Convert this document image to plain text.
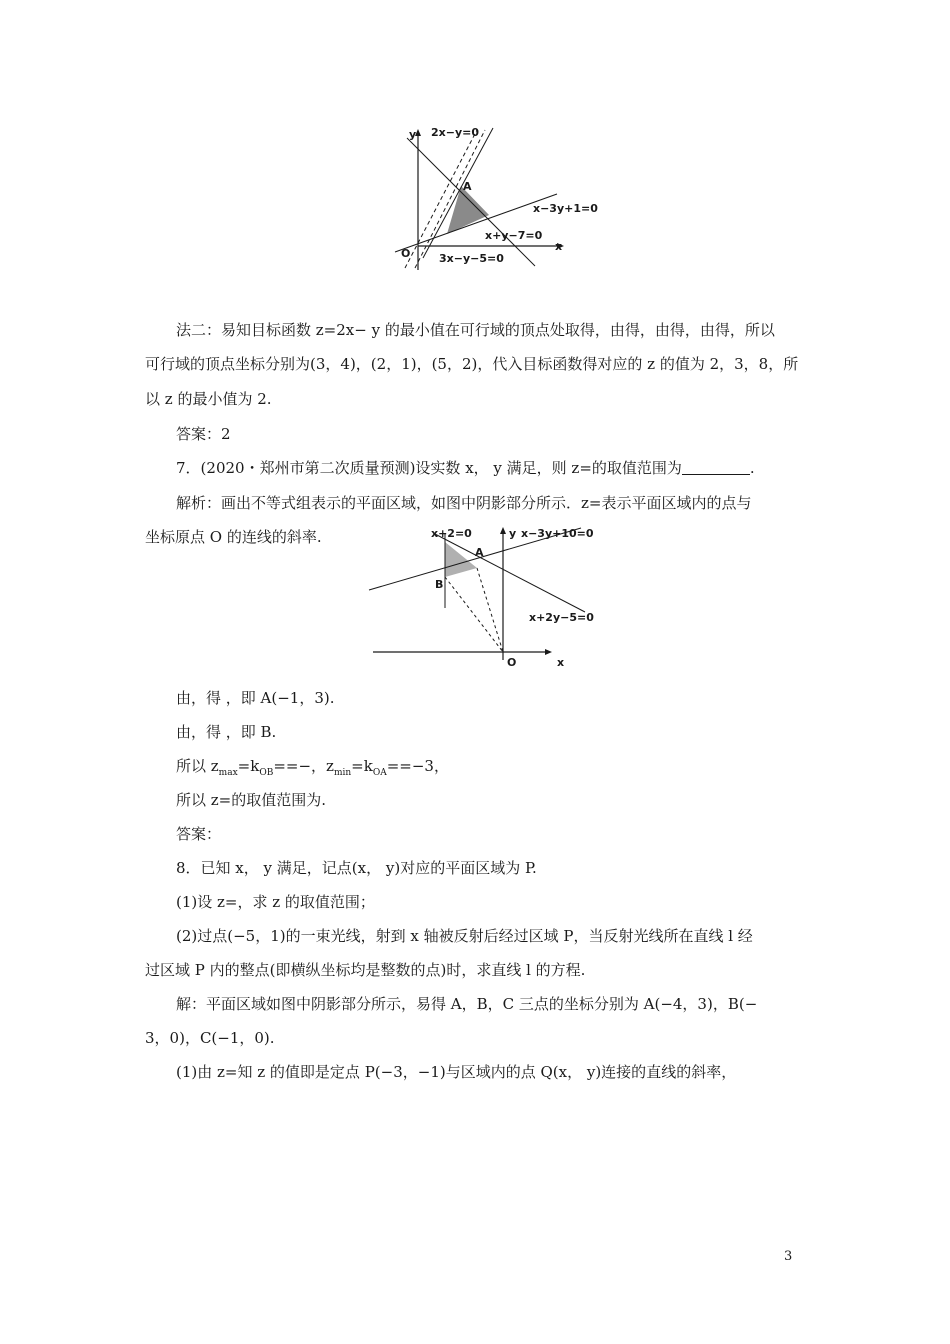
y 2x−y=0
A
x−3y+1=0
x+y−7=0
x
O	3x−y−5=0

法二：易知目标函数 z=2x− y 的最小值在可行域的顶点处取得，由得，由得，由得，所以

可行域的顶点坐标分别为(3，4)，(2，1)，(5，2)，代入目标函数得对应的 z 的值为 2，3，8，所

以 z 的最小值为 2.

答案：2

7．(2020・郑州市第二次质量预测)设实数 x， y 满足，则 z=的取值范围为	.

解析：画出不等式组表示的平面区域，如图中阴影部分所示．z=表示平面区域内的点与

坐标原点 O 的连线的斜率.	x+2=0	y x−3y+10=0
A
B
x+2y−5=0
O	x

由，得 ，即 A(−1，3).

由，得 ，即 B.

所以 $z_{max}=k_{OB}==-$，$z_{min}=k_{OA}==-3$，

所以 z=的取值范围为.

答案：

8．已知 x， y 满足，记点(x， y)对应的平面区域为 P.

(1)设 z=，求 z 的取值范围；

(2)过点(−5，1)的一束光线，射到 x 轴被反射后经过区域 P，当反射光线所在直线 l 经

过区域 P 内的整点(即横纵坐标均是整数的点)时，求直线 l 的方程.

解：平面区域如图中阴影部分所示，易得 A，B，C 三点的坐标分别为 A(−4，3)，B(−

3，0)，C(−1，0).

(1)由 z=知 z 的值即是定点 P(−3，−1)与区域内的点 Q(x， y)连接的直线的斜率，

3
